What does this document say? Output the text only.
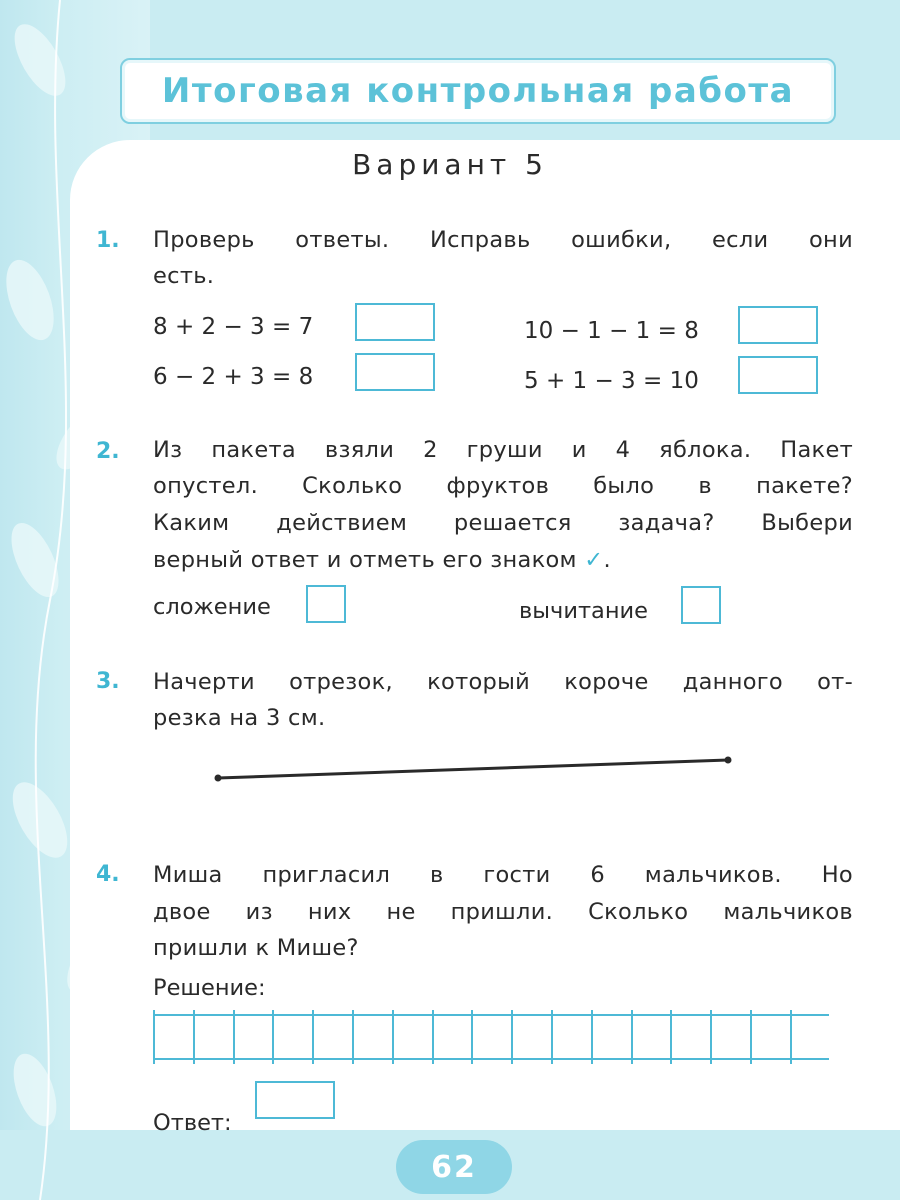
Итоговая контрольная работа
Вариант 5
1. Проверь ответы. Исправь ошибки, если они
есть.
8 + 2 − 3 = 7	10 − 1 − 1 = 8
6 − 2 + 3 = 8	5 + 1 − 3 = 10
2. Из пакета взяли 2 груши и 4 яблока. Пакет
опустел. Сколько фруктов было в пакете?
Каким действием решается задача? Выбери
верный ответ и отметь его знаком ✓.
сложение	вычитание
3. Начерти отрезок, который короче данного от-
резка на 3 см.
4. Миша пригласил в гости 6 мальчиков. Но
двое из них не пришли. Сколько мальчиков
пришли к Мише?
Решение:
Ответ:
62
